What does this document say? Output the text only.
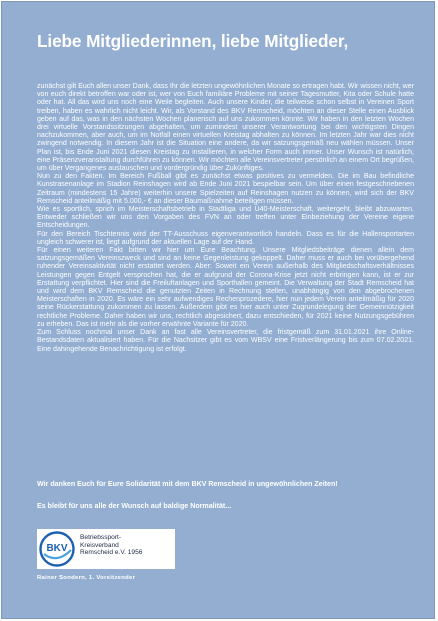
Liebe Mitgliederinnen, liebe Mitglieder,

zunächst gilt Euch allen unser Dank, dass Ihr die letzten ungewöhnlichen Monate so ertragen habt. Wir wissen nicht, wer von euch direkt betroffen war oder ist, wer von Euch familiäre Probleme mit seiner Tagesmutter, Kita oder Schule hatte oder hat. All das wird uns noch eine Weile begleiten. Auch unsere Kinder, die teilweise schon selbst in Vereinen Sport treiben, haben es wahrlich nicht leicht. Wir, als Vorstand des BKV Remscheid, möchten an dieser Stelle einen Ausblick geben auf das, was in den nächsten Wochen planerisch auf uns zukommen könnte. Wir haben in den letzten Wochen drei virtuelle Vorstandssitzungen abgehalten, um zumindest unserer Verantwortung bei den wichtigsten Dingen nachzukommen, aber auch, um im Notfall einen virtuellen Kreistag abhalten zu können. Im letzten Jahr war dies nicht zwingend notwendig. In diesem Jahr ist die Situation eine andere, da wir satzungsgemäß neu wählen müssen. Unser Plan ist, bis Ende Juni 2021 diesen Kreistag zu installieren, in welcher Form auch immer. Unser Wunsch ist natürlich, eine Präsenzveranstaltung durchführen zu können. Wir möchten alle Vereinsvertreter persönlich an einem Ort begrüßen, um über Vergangenes austauschen und vordergründig über Zukünftiges.

Nun zu den Fakten. Im Bereich Fußball gibt es zunächst etwas positives zu vermelden. Die im Bau befindliche Kunstrasenanlage im Stadion Reinshagen wird ab Ende Juni 2021 bespielbar sein. Um über einen festgeschriebenen Zeitraum (mindestens 15 Jahre) weiterhin unsere Spielzeiten auf Reinshagen nutzen zu können, wird sich der BKV Remscheid anteilmäßig mit 5.000,- € an dieser Baumaßnahme beteiligen müssen.

Wie es sportlich, sprich im Meisterschaftsbetrieb in Stadtliga und Ü40-Meisterschaft, weitergeht, bleibt abzuwarten. Entweder schließen wir uns den Vorgaben des FVN an oder treffen unter Einbeziehung der Vereine eigene Entscheidungen.

Für den Bereich Tischtennis wird der TT-Ausschuss eigenverantwortlich handeln. Dass es für die Hallensportarten ungleich schwerer ist, liegt aufgrund der aktuellen Lage auf der Hand.

Für einen weiteren Fakt bitten wir hier um Eure Beachtung. Unsere Mitgliedsbeiträge dienen allein dem satzungsgemäßen Vereinszweck und sind an keine Gegenleistung gekoppelt. Daher muss er auch bei vorübergehend ruhender Vereinsaktivität nicht erstattet werden. Aber: Soweit ein Verein außerhalb des Mitgliedschaftsverhältnisses Leistungen gegen Entgelt versprochen hat, die er aufgrund der Corona-Krise jetzt nicht erbringen kann, ist er zur Erstattung verpflichtet. Hier sind die Freiluftanlagen und Sporthallen gemeint. Die Verwaltung der Stadt Remscheid hat und wird dem BKV Remscheid die genutzten Zeiten in Rechnung stellen, unabhängig von den abgebrochenen Meisterschaften in 2020. Es wäre ein sehr aufwendiges Rechenprozedere, hier nun jedem Verein anteilmäßig für 2020 seine Rückerstattung zukommen zu lassen. Außerdem gibt es hier auch unter Zugrundelegung der Gemeinnützigkeit rechtliche Probleme. Daher haben wir uns, rechtlich abgesichert, dazu entschieden, für 2021 keine Nutzungsgebühren zu erheben. Das ist mehr als die vorher erwähnte Variante für 2020.

Zum Schluss nochmal unser Dank an fast alle Vereinsvertreter, die fristgemäß zum 31.01.2021 ihre Online-Bestandsdaten aktualisiert haben. Für die Nachsitzer gibt es vom WBSV eine Fristverlängerung bis zum 07.02.2021. Eine dahingehende Benachrichtigung ist erfolgt.

Wir danken Euch für Eure Solidarität mit dem BKV Remscheid in ungewöhnlichen Zeiten!
Es bleibt für uns alle der Wunsch auf baldige Normalität...
BKV
Betriebssport-
Kreisverband
Remscheid e.V. 1956
Rainer Sondern, 1. Vorsitzender
